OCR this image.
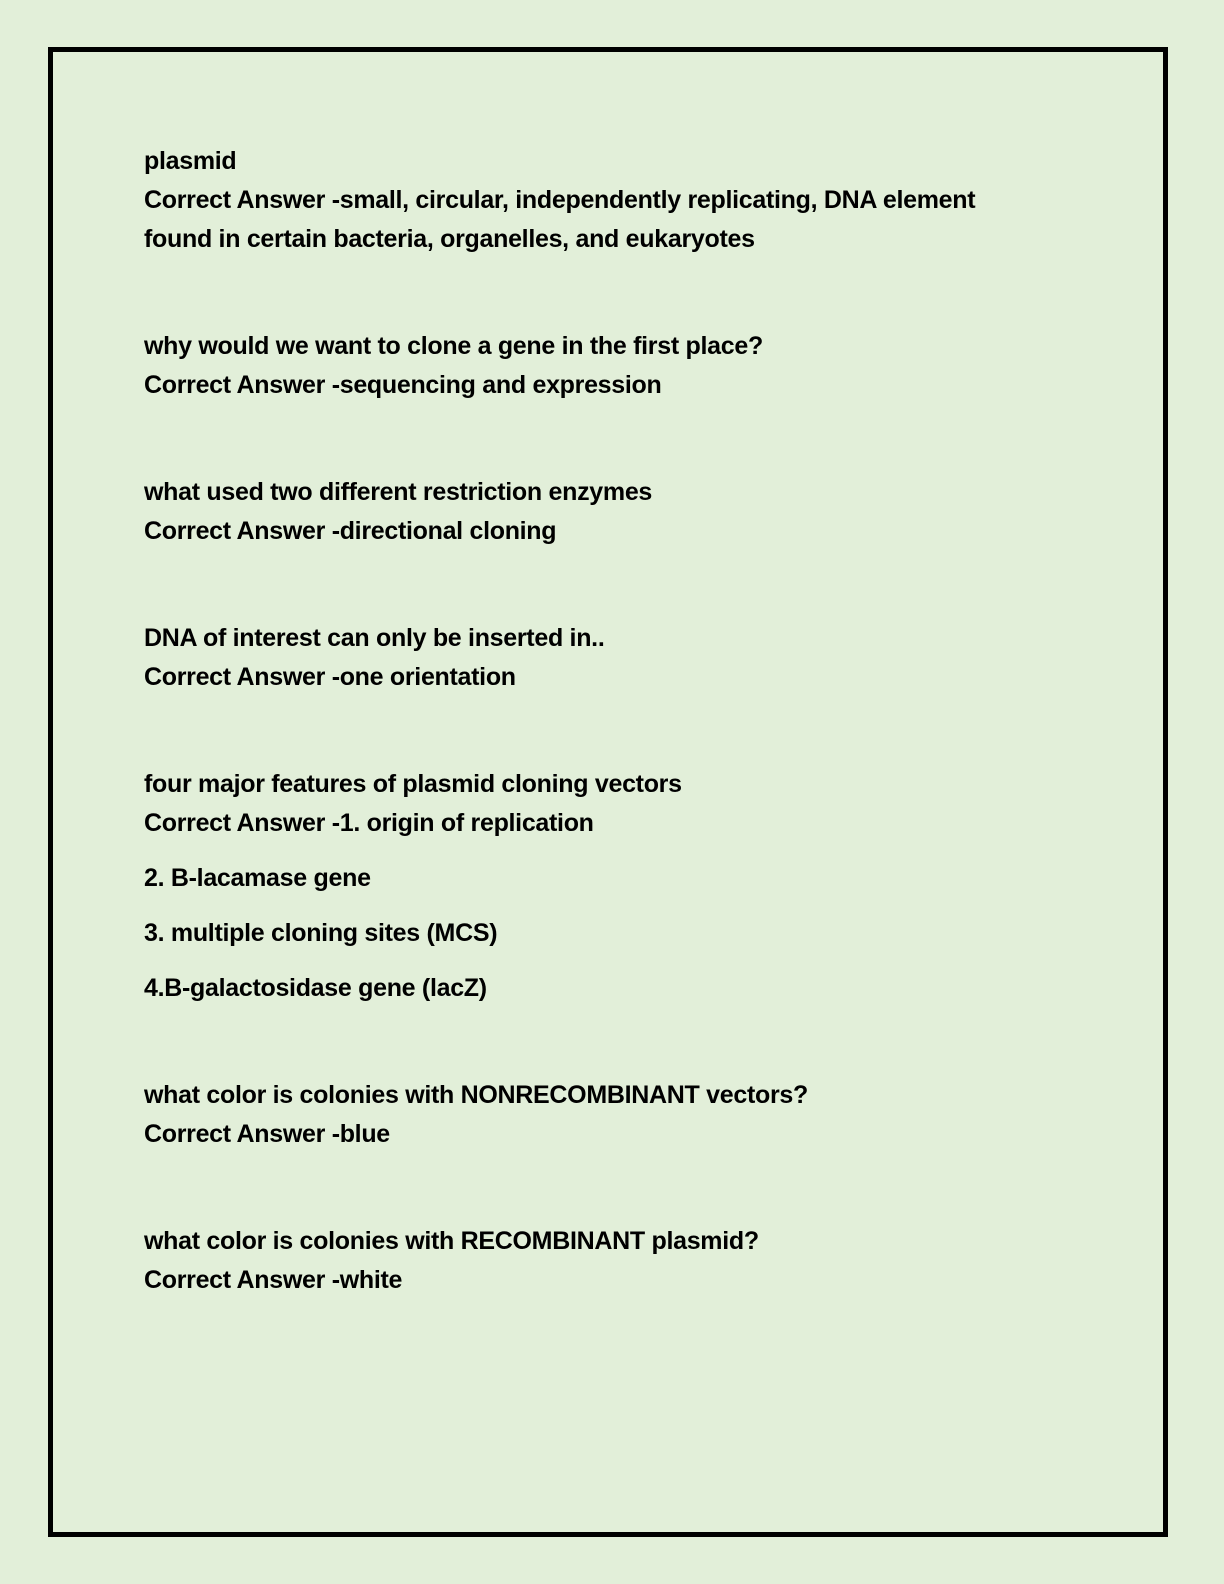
plasmid
Correct Answer -small, circular, independently replicating, DNA element found in certain bacteria, organelles, and eukaryotes
why would we want to clone a gene in the first place?
Correct Answer -sequencing and expression
what used two different restriction enzymes
Correct Answer -directional cloning
DNA of interest can only be inserted in..
Correct Answer -one orientation
four major features of plasmid cloning vectors
Correct Answer -1. origin of replication
2. B-lacamase gene
3. multiple cloning sites (MCS)
4.B-galactosidase gene (lacZ)
what color is colonies with NONRECOMBINANT vectors?
Correct Answer -blue
what color is colonies with RECOMBINANT plasmid?
Correct Answer -white
